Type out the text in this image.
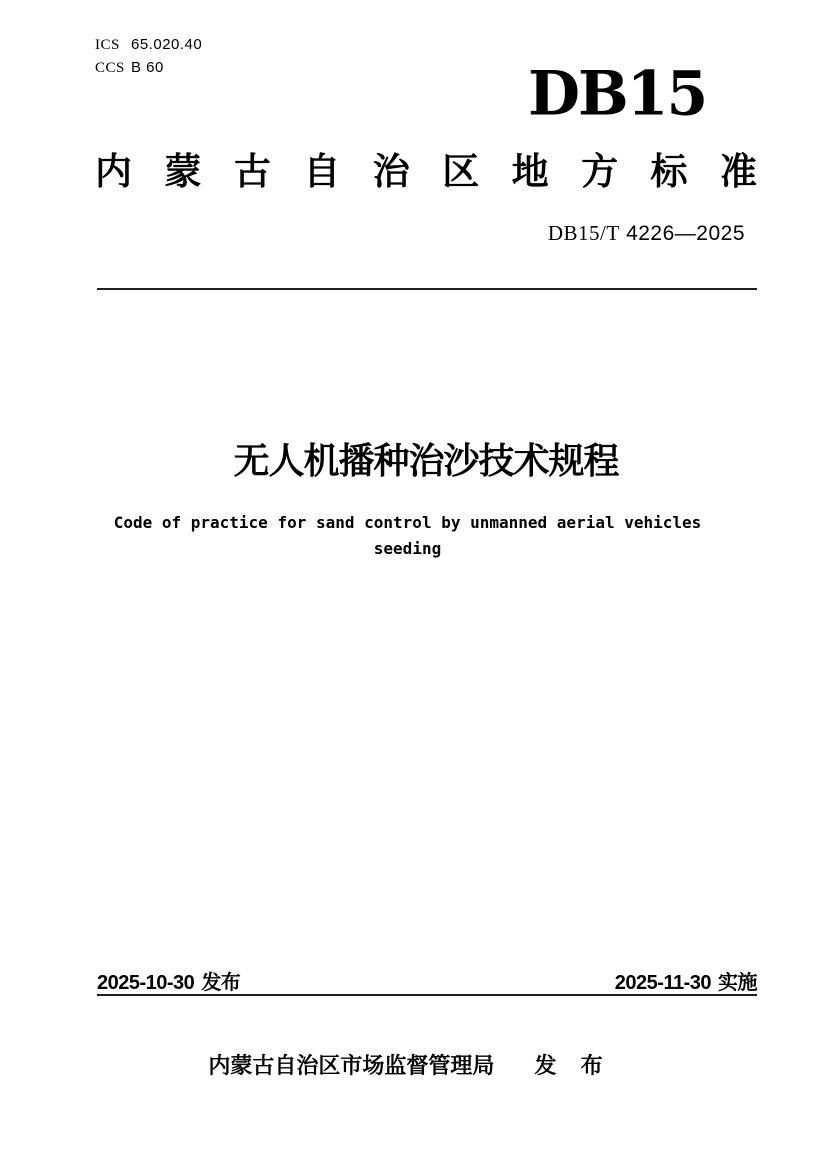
ICS 65.020.40
CCS B 60	DB15
内蒙古自治区地方标准
DB15/T 4226—2025
无人机播种治沙技术规程
Code of practice for sand control by unmanned aerial vehicles
seeding
2025-10-30 发布	2025-11-30 实施
内蒙古自治区市场监督管理局 发  布
